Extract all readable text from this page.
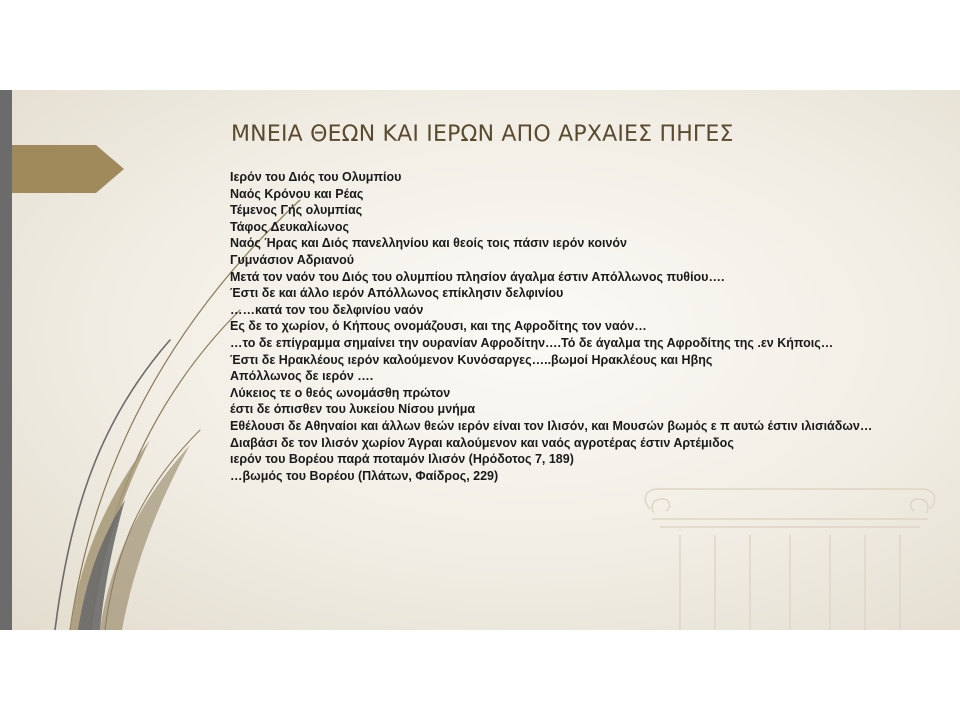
ΜΝΕΙΑ ΘΕΩΝ ΚΑΙ ΙΕΡΩΝ ΑΠΟ ΑΡΧΑΙΕΣ ΠΗΓΕΣ
Ιερόν του Διός του Ολυμπίου
Ναός Κρόνου και Ρέας
Τέμενος Γής ολυμπίας
Τάφος Δευκαλίωνος
Ναός Ήρας και Διός πανελληνίου και θεοίς τοις πάσιν ιερόν κοινόν
Γυμνάσιον Αδριανού
Μετά τον ναόν του Διός του ολυμπίου πλησίον άγαλμα έστιν Απόλλωνος πυθίου….
Έστι δε και άλλο ιερόν Απόλλωνος επίκλησιν δελφινίου
……κατά τον του δελφινίου ναόν
Ες δε το χωρίον, ό Κήπους ονομάζουσι, και της Αφροδίτης τον ναόν…
…το δε επίγραμμα σημαίνει την ουρανίαν Αφροδίτην….Τό δε άγαλμα της Αφροδίτης της .εν Κήποις…
Έστι δε Ηρακλέους ιερόν καλούμενον Κυνόσαργες…..βωμοί Ηρακλέους και Ηβης
Απόλλωνος δε ιερόν ….
Λύκειος τε ο θεός ωνομάσθη πρώτον
έστι δε όπισθεν του λυκείου Νίσου μνήμα
Εθέλουσι δε Αθηναίοι και άλλων θεών ιερόν είναι τον Ιλισόν, και Μουσών βωμός ε π αυτώ έστιν ιλισιάδων…
Διαβάσι δε τον Ιλισόν χωρίον Άγραι καλούμενον και ναός αγροτέρας έστιν Αρτέμιδος
ιερόν του Βορέου παρά ποταμόν Ιλισόν (Ηρόδοτος 7, 189)
…βωμός του Βορέου (Πλάτων, Φαίδρος, 229)
